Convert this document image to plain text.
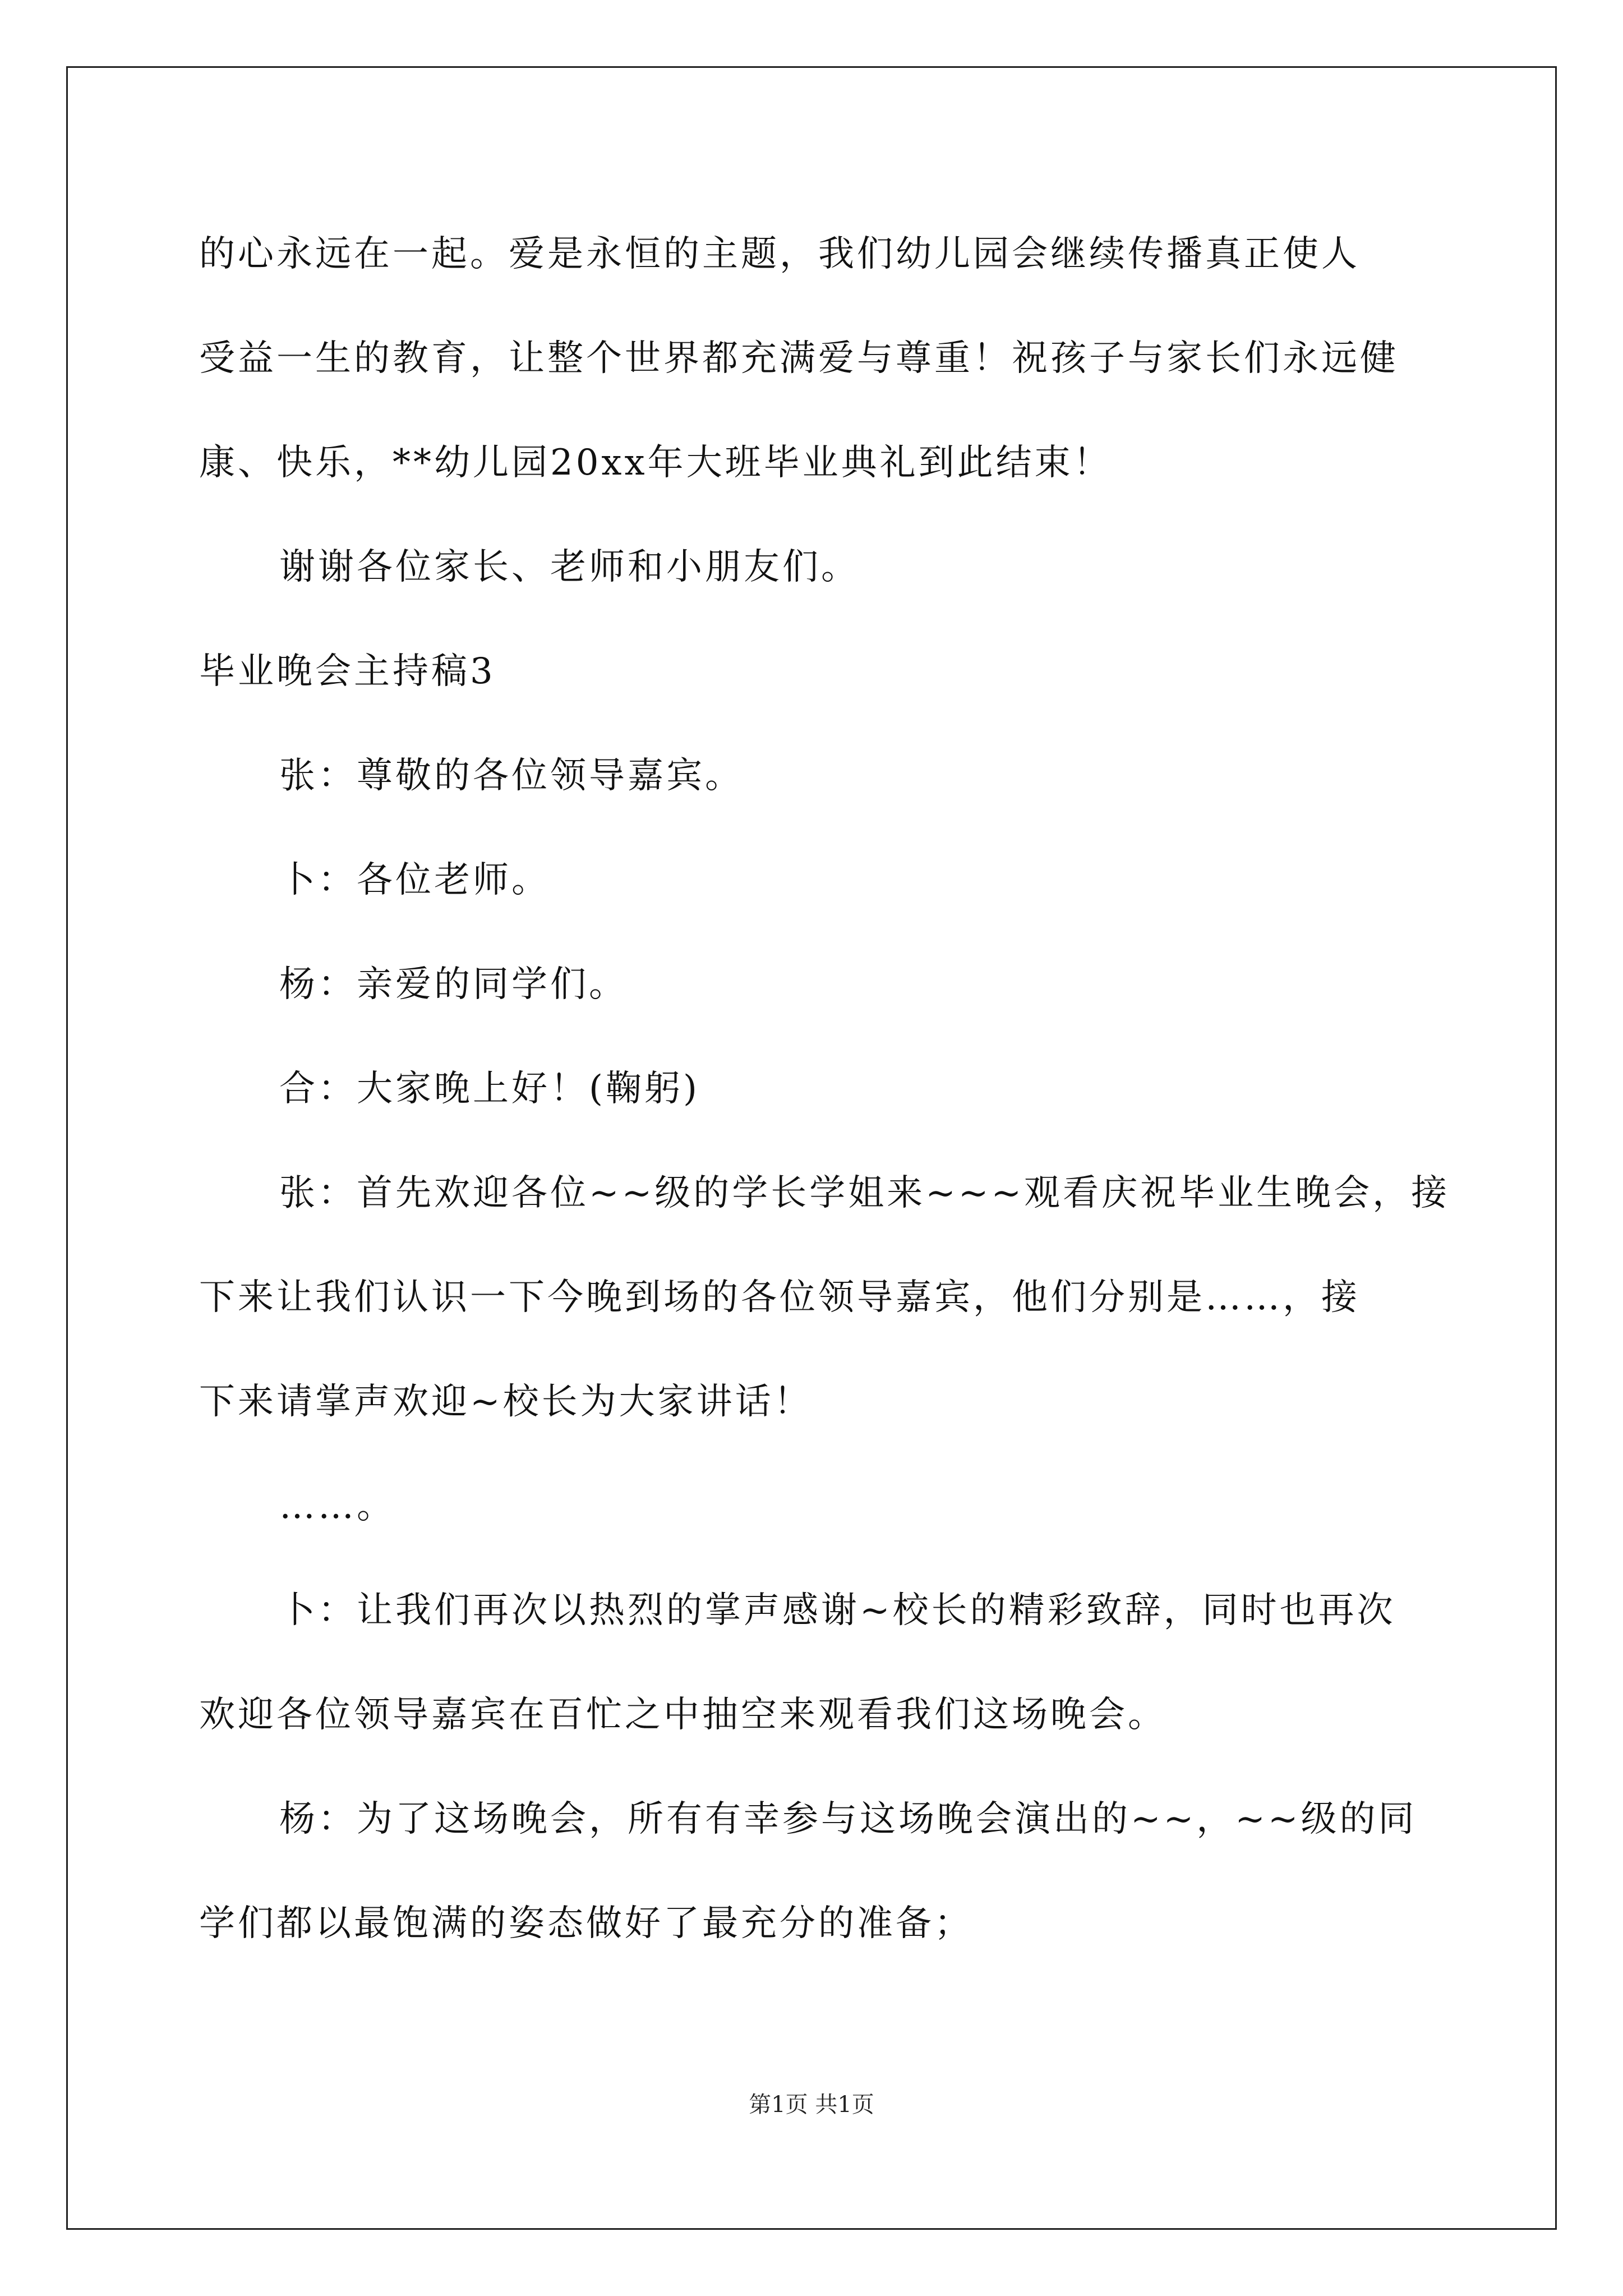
的心永远在一起。爱是永恒的主题，我们幼儿园会继续传播真正使人
受益一生的教育，让整个世界都充满爱与尊重！祝孩子与家长们永远健
康、快乐，**幼儿园20xx年大班毕业典礼到此结束！
谢谢各位家长、老师和小朋友们。
毕业晚会主持稿3
张：尊敬的各位领导嘉宾。
卜：各位老师。
杨：亲爱的同学们。
合：大家晚上好！(鞠躬)
张：首先欢迎各位~~级的学长学姐来~~~观看庆祝毕业生晚会，接
下来让我们认识一下今晚到场的各位领导嘉宾，他们分别是……，接
下来请掌声欢迎~校长为大家讲话！
……。
卜：让我们再次以热烈的掌声感谢~校长的精彩致辞，同时也再次
欢迎各位领导嘉宾在百忙之中抽空来观看我们这场晚会。
杨：为了这场晚会，所有有幸参与这场晚会演出的~~，~~级的同
学们都以最饱满的姿态做好了最充分的准备；
第1页 共1页
